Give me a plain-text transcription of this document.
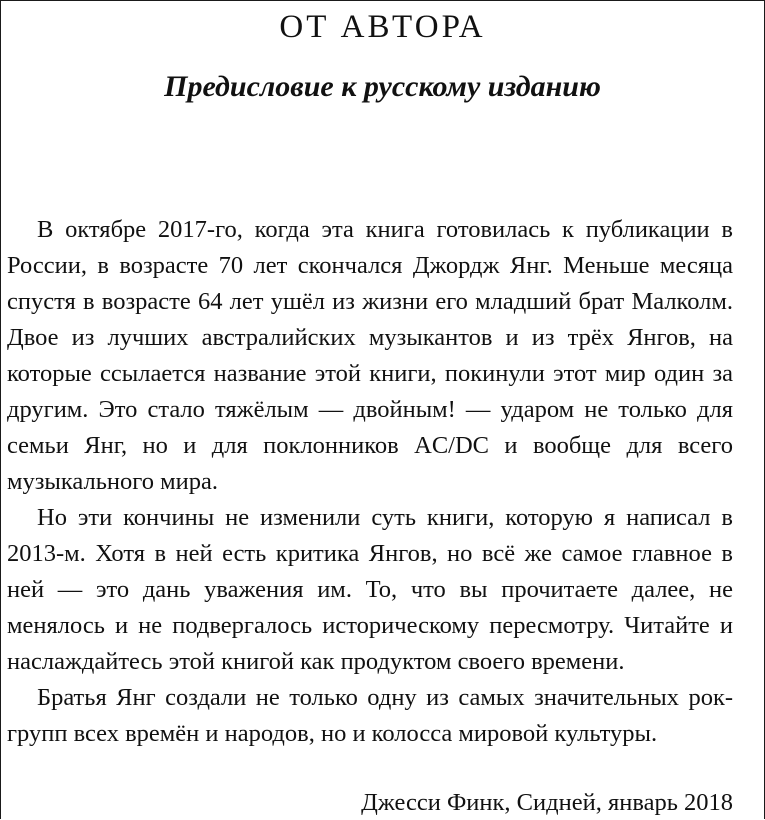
ОТ АВТОРА
Предисловие к русскому изданию

В октябре 2017-го, когда эта книга готовилась к публикации в России, в возрасте 70 лет скончался Джордж Янг. Меньше месяца спустя в возрасте 64 лет ушёл из жизни его младший брат Малколм. Двое из лучших австралийских музыкантов и из трёх Янгов, на которые ссылается название этой книги, покинули этот мир один за другим. Это стало тяжёлым — двойным! — ударом не только для семьи Янг, но и для поклонников AC/DC и вообще для всего музыкального мира.

Но эти кончины не изменили суть книги, которую я написал в 2013-м. Хотя в ней есть критика Янгов, но всё же самое главное в ней — это дань уважения им. То, что вы прочитаете далее, не менялось и не подвергалось историческому пересмотру. Читайте и наслаждайтесь этой книгой как продуктом своего времени.

Братья Янг создали не только одну из самых значительных рок-групп всех времён и народов, но и колосса мировой культуры.

Джесси Финк, Сидней, январь 2018
